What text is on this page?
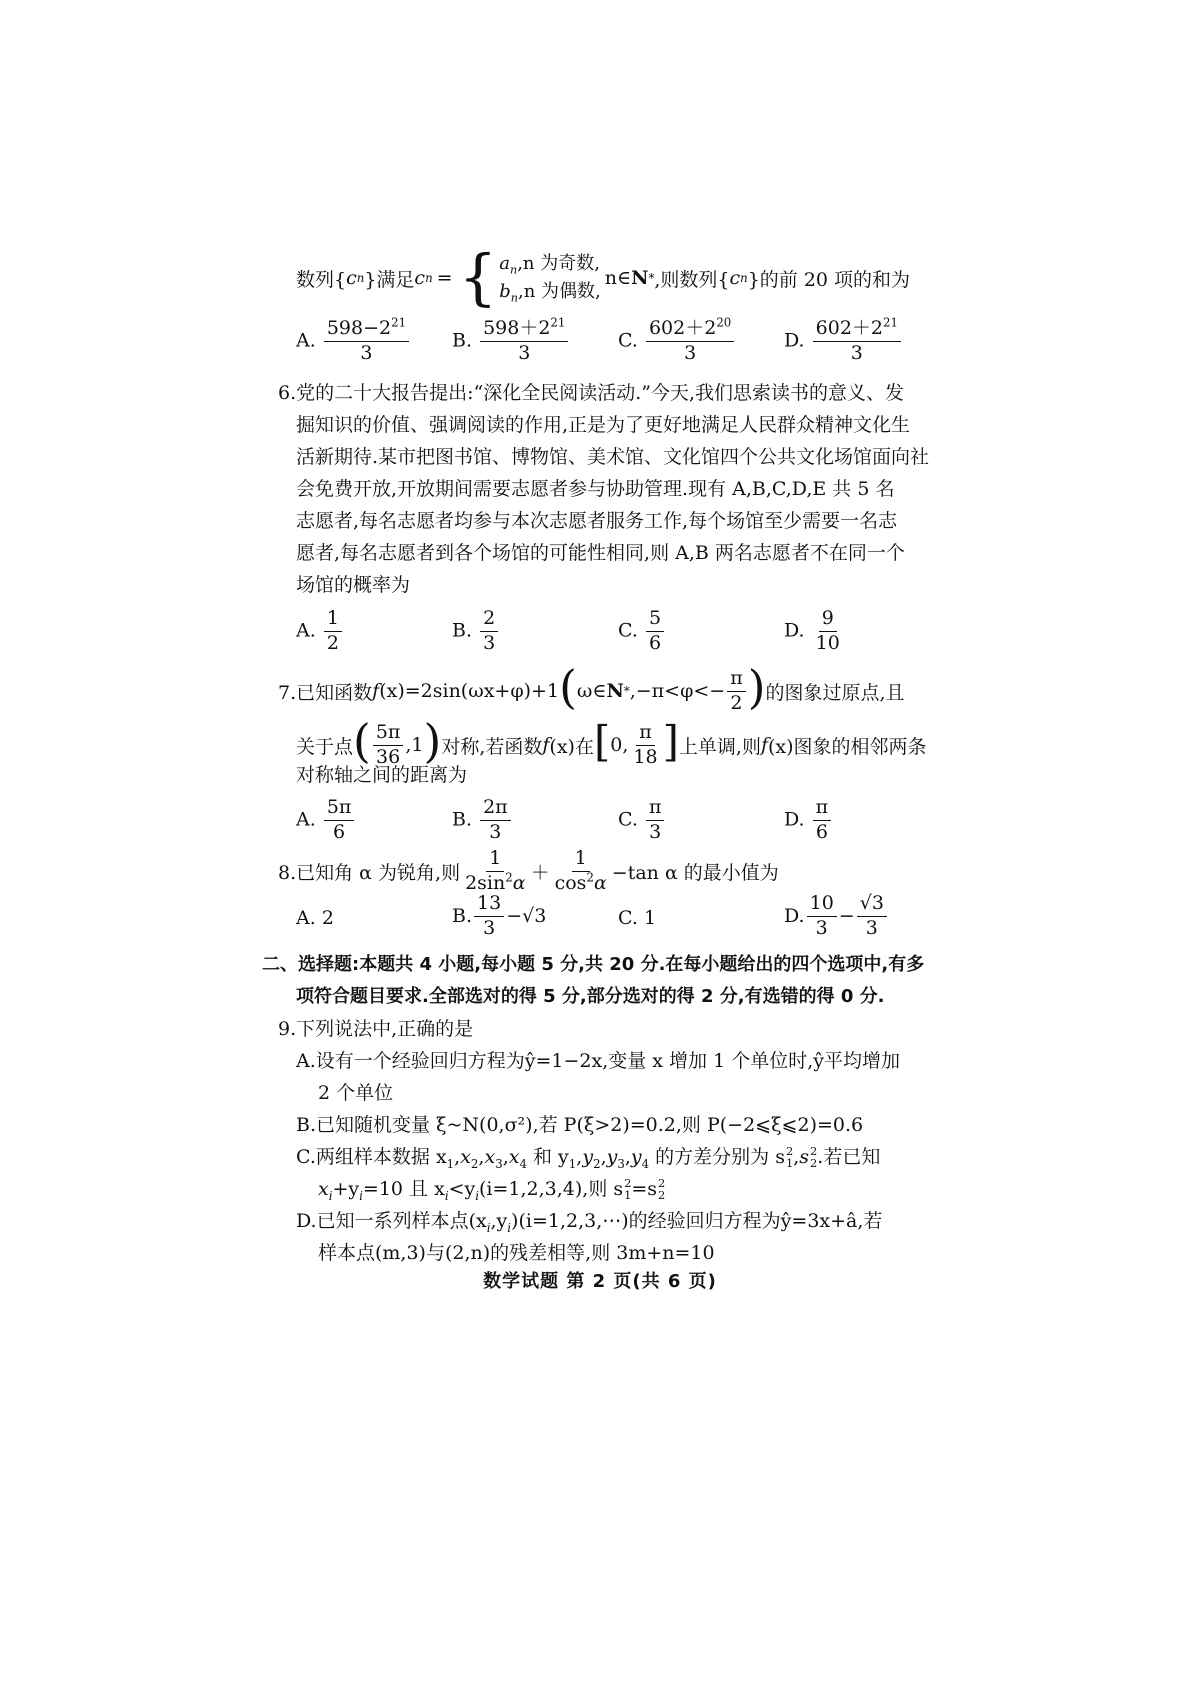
数列{ c n }满足 c n = { $a_n,n$ 为奇数,
$b_n,n$ 为偶数,
n∈ N * ,则数列{ c n }的前 20 项的和为
A. $\frac{598-2^{21}}{3} B$. $\frac{598+2^{21}}{3}$	C. $\frac{602+2^{20}}{3}$	D. $\frac{602+2^{21}}{3}$
6.党的二十大报告提出:“深化全民阅读活动.”今天,我们思索读书的意义、发
掘知识的价值、强调阅读的作用,正是为了更好地满足人民群众精神文化生
活新期待.某市把图书馆、博物馆、美术馆、文化馆四个公共文化场馆面向社
会免费开放,开放期间需要志愿者参与协助管理.现有 A,B,C,D,E 共 5 名
志愿者,每名志愿者均参与本次志愿者服务工作,每个场馆至少需要一名志
愿者,每名志愿者到各个场馆的可能性相同,则 A,B 两名志愿者不在同一个
场馆的概率为
A. $\frac{1}{2}$	B. $\frac{2}{3}$	C. $\frac{5}{6}$	D. $\frac{9}{10}$
7.已知函数 f (x)=2sin(ωx+φ)+1 ( ω∈ $N * ,-\pi<\varphi<- \frac{\pi}{2}$ ) 的图象过原点,且
关于点 ( $\frac{5\pi}{36} ,1$ ) 对称,若函数 f (x)在 [ 0, $\frac{\pi}{18}$ ] 上单调,则 f (x)图象的相邻两条
对称轴之间的距离为
A. $\frac{5\pi}{6}$	B. $\frac{2\pi}{3}$	C. $\frac{\pi}{3}$	D. $\frac{\pi}{6}$
8.已知角 α 为锐角,则 $\frac{1}{2\sin^2\alpha} + \frac{1}{\cos^2\alpha} -\tan$ α 的最小值为
A. 2	B. $\frac{13}{3} -√3$	C. 1	D. $\frac{10}{3} - \frac{√3}{3}$
二、选择题:本题共 4 小题,每小题 5 分,共 20 分.在每小题给出的四个选项中,有多
项符合题目要求.全部选对的得 5 分,部分选对的得 2 分,有选错的得 0 分.
9.下列说法中,正确的是
A.设有一个经验回归方程为ŷ=1−2x,变量 x 增加 1 个单位时,ŷ平均增加
2 个单位
B.已知随机变量 ξ~N(0,σ²),若 P(ξ>2)=0.2,则 P(−2⩽ξ⩽2)=0.6
C.两组样本数据 $x_1,x_2,x_3,x_4$ 和 $y_1,y_2,y_3,y_4$ 的方差分别为 s 2
1 ,s 2
2 .若已知
$x_i+y_i=10$ 且 $x_i<y_i(i=1,2,3,4)$,则 s 2
1 =s 2
2
D.已知一系列样本点$(x_i,y_i)(i=1,2,3,\cdots)$的经验回归方程为ŷ=3x+â,若
样本点(m,3)与(2,n)的残差相等,则 3m+n=10
数学试题 第 2 页(共 6 页)
